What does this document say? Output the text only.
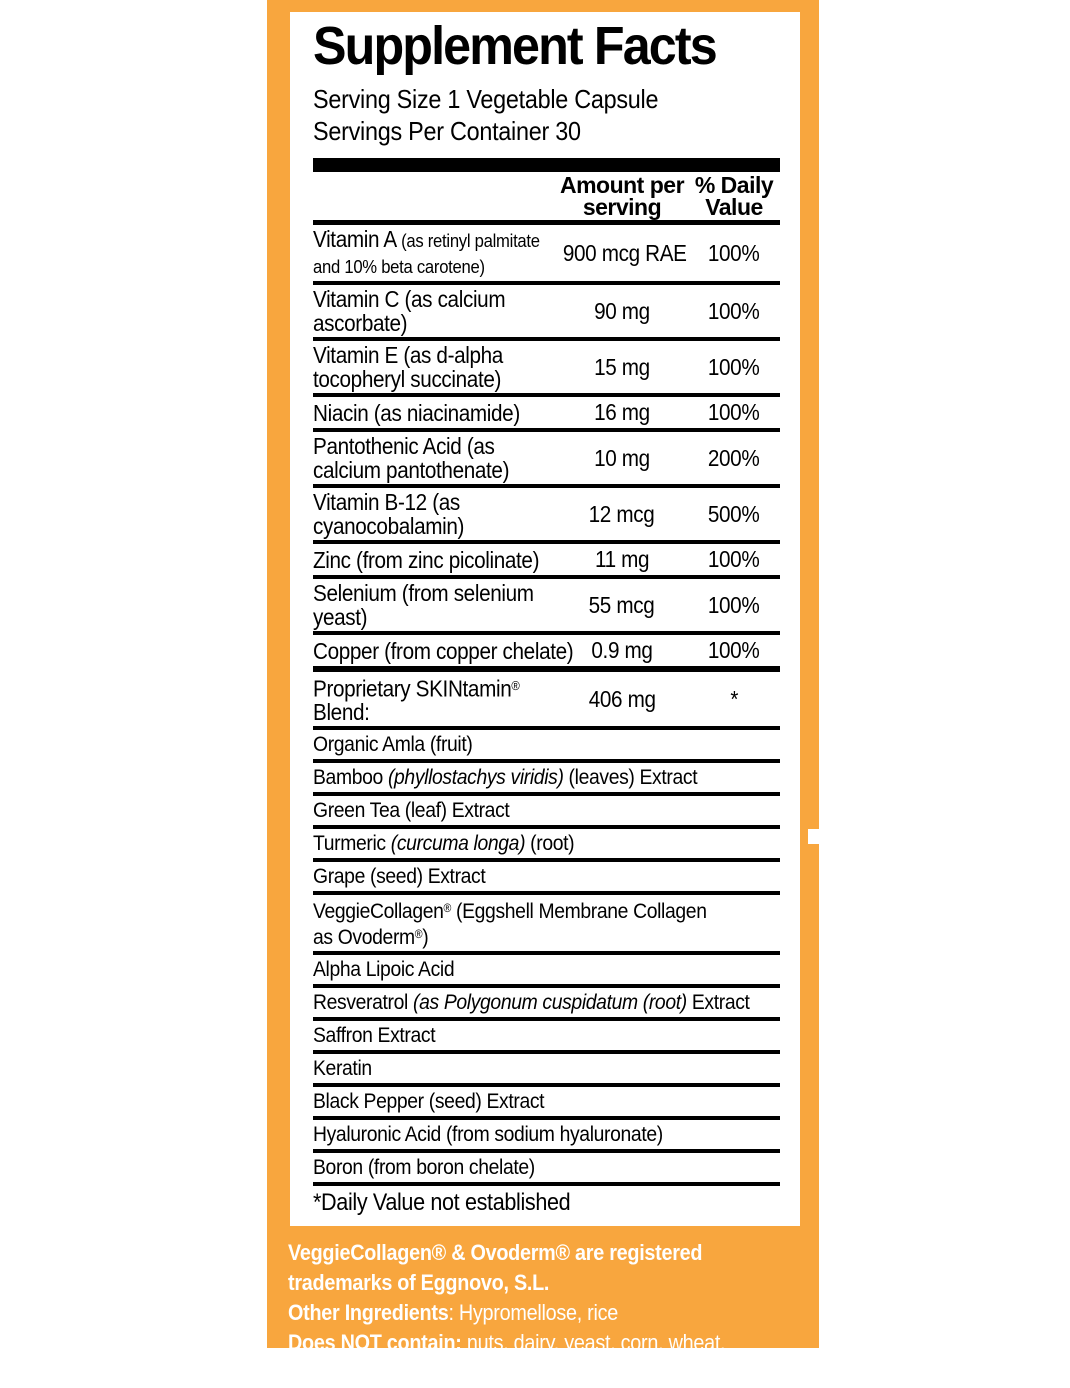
Supplement Facts
Serving Size 1 Vegetable Capsule
Servings Per Container 30
Amount per
serving
% Daily
Value
Vitamin A (as retinyl palmitate
and 10% beta carotene)
900 mcg RAE 100%
Vitamin C (as calcium
ascorbate)	90 mg	100%
Vitamin E (as d-alpha
tocopheryl succinate)	15 mg	100%
Niacin (as niacinamide)	16 mg	100%
Pantothenic Acid (as
calcium pantothenate)	10 mg	200%
Vitamin B-12 (as
cyanocobalamin)	12 mcg	500%
Zinc (from zinc picolinate)	11 mg	100%
Selenium (from selenium
yeast)	55 mcg	100%
Copper (from copper chelate) 0.9 mg	100%
Proprietary SKINtamin®
Blend:
406 mg	*
Organic Amla (fruit)
Bamboo (phyllostachys viridis) (leaves) Extract
Green Tea (leaf) Extract
Turmeric (curcuma longa) (root)
Grape (seed) Extract
VeggieCollagen® (Eggshell Membrane Collagen
as Ovoderm®)
Alpha Lipoic Acid
Resveratrol (as Polygonum cuspidatum (root) Extract
Saffron Extract
Keratin
Black Pepper (seed) Extract
Hyaluronic Acid (from sodium hyaluronate)
Boron (from boron chelate)
*Daily Value not established
VeggieCollagen® & Ovoderm® are registered
trademarks of Eggnovo, S.L.
Other Ingredients: Hypromellose, rice
Does NOT contain: nuts, dairy, yeast, corn, wheat,
soy, gluten, preservatives or artificial colors
